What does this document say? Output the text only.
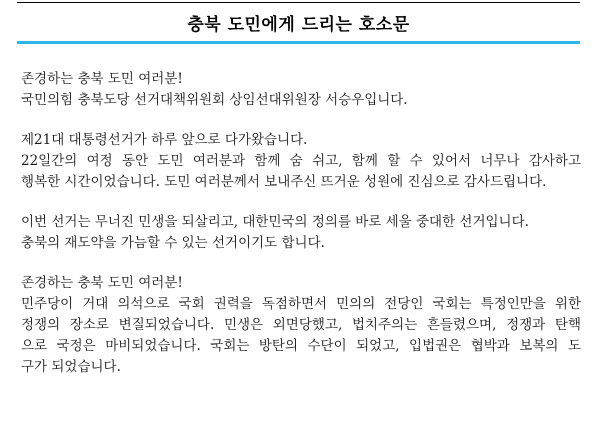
충북 도민에게 드리는 호소문
존경하는 충북 도민 여러분!
국민의힘 충북도당 선거대책위원회 상임선대위원장 서승우입니다.
제21대 대통령선거가 하루 앞으로 다가왔습니다.
22일간의 여정 동안 도민 여러분과 함께 숨 쉬고, 함께 할 수 있어서 너무나 감사하고
행복한 시간이었습니다. 도민 여러분께서 보내주신 뜨거운 성원에 진심으로 감사드립니다.
이번 선거는 무너진 민생을 되살리고, 대한민국의 정의를 바로 세울 중대한 선거입니다.
충북의 재도약을 가늠할 수 있는 선거이기도 합니다.
존경하는 충북 도민 여러분!
민주당이 거대 의석으로 국회 권력을 독점하면서 민의의 전당인 국회는 특정인만을 위한
정쟁의 장소로 변질되었습니다. 민생은 외면당했고, 법치주의는 흔들렸으며, 정쟁과 탄핵
으로 국정은 마비되었습니다. 국회는 방탄의 수단이 되었고, 입법권은 협박과 보복의 도
구가 되었습니다.
